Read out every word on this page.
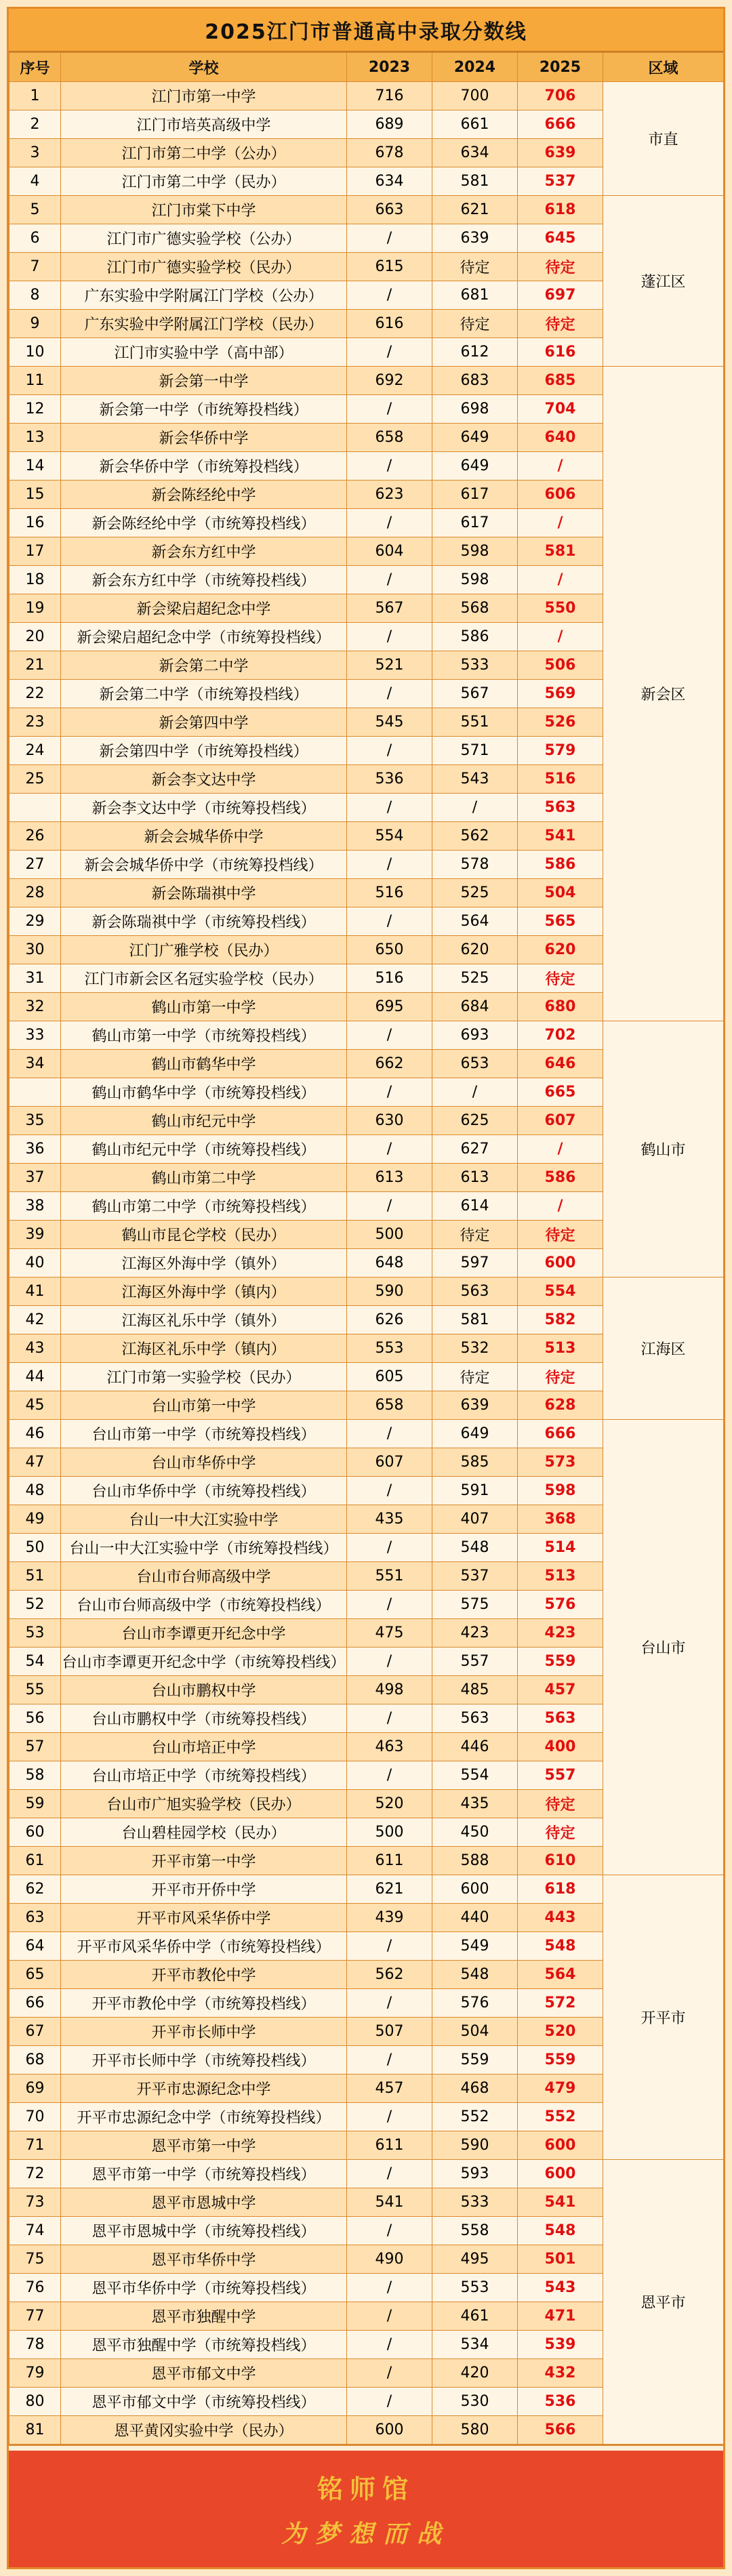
2025江门市普通高中录取分数线
序号	学校	2023	2024	2025	区域
1	江门市第一中学	716	700	706	市直
2	江门市培英高级中学	689	661	666	
3	江门市第二中学（公办）	678	634	639	
4	江门市第二中学（民办）	634	581	537	
5	江门市棠下中学	663	621	618	蓬江区
6	江门市广德实验学校（公办）	/	639	645	
7	江门市广德实验学校（民办）	615	待定	待定	
8	广东实验中学附属江门学校（公办）	/	681	697	
9	广东实验中学附属江门学校（民办）	616	待定	待定	
10	江门市实验中学（高中部）	/	612	616	
11	新会第一中学	692	683	685	新会区
12	新会第一中学（市统筹投档线）	/	698	704	
13	新会华侨中学	658	649	640	
14	新会华侨中学（市统筹投档线）	/	649	/	
15	新会陈经纶中学	623	617	606	
16	新会陈经纶中学（市统筹投档线）	/	617	/	
17	新会东方红中学	604	598	581	
18	新会东方红中学（市统筹投档线）	/	598	/	
19	新会梁启超纪念中学	567	568	550	
20	新会梁启超纪念中学（市统筹投档线）	/	586	/	
21	新会第二中学	521	533	506	
22	新会第二中学（市统筹投档线）	/	567	569	
23	新会第四中学	545	551	526	
24	新会第四中学（市统筹投档线）	/	571	579	
25	新会李文达中学	536	543	516	
	新会李文达中学（市统筹投档线）	/	/	563	
26	新会会城华侨中学	554	562	541	
27	新会会城华侨中学（市统筹投档线）	/	578	586	
28	新会陈瑞祺中学	516	525	504	
29	新会陈瑞祺中学（市统筹投档线）	/	564	565	
30	江门广雅学校（民办）	650	620	620	
31	江门市新会区名冠实验学校（民办）	516	525	待定	
32	鹤山市第一中学	695	684	680	
33	鹤山市第一中学（市统筹投档线）	/	693	702	鹤山市
34	鹤山市鹤华中学	662	653	646	
	鹤山市鹤华中学（市统筹投档线）	/	/	665	
35	鹤山市纪元中学	630	625	607	
36	鹤山市纪元中学（市统筹投档线）	/	627	/	
37	鹤山市第二中学	613	613	586	
38	鹤山市第二中学（市统筹投档线）	/	614	/	
39	鹤山市昆仑学校（民办）	500	待定	待定	
40	江海区外海中学（镇外）	648	597	600	
41	江海区外海中学（镇内）	590	563	554	江海区
42	江海区礼乐中学（镇外）	626	581	582	
43	江海区礼乐中学（镇内）	553	532	513	
44	江门市第一实验学校（民办）	605	待定	待定	
45	台山市第一中学	658	639	628	
46	台山市第一中学（市统筹投档线）	/	649	666	台山市
47	台山市华侨中学	607	585	573	
48	台山市华侨中学（市统筹投档线）	/	591	598	
49	台山一中大江实验中学	435	407	368	
50	台山一中大江实验中学（市统筹投档线）	/	548	514	
51	台山市台师高级中学	551	537	513	
52	台山市台师高级中学（市统筹投档线）	/	575	576	
53	台山市李谭更开纪念中学	475	423	423	
54	台山市李谭更开纪念中学（市统筹投档线）	/	557	559	
55	台山市鹏权中学	498	485	457	
56	台山市鹏权中学（市统筹投档线）	/	563	563	
57	台山市培正中学	463	446	400	
58	台山市培正中学（市统筹投档线）	/	554	557	
59	台山市广旭实验学校（民办）	520	435	待定	
60	台山碧桂园学校（民办）	500	450	待定	
61	开平市第一中学	611	588	610	
62	开平市开侨中学	621	600	618	开平市
63	开平市风采华侨中学	439	440	443	
64	开平市风采华侨中学（市统筹投档线）	/	549	548	
65	开平市教伦中学	562	548	564	
66	开平市教伦中学（市统筹投档线）	/	576	572	
67	开平市长师中学	507	504	520	
68	开平市长师中学（市统筹投档线）	/	559	559	
69	开平市忠源纪念中学	457	468	479	
70	开平市忠源纪念中学（市统筹投档线）	/	552	552	
71	恩平市第一中学	611	590	600	
72	恩平市第一中学（市统筹投档线）	/	593	600	恩平市
73	恩平市恩城中学	541	533	541	
74	恩平市恩城中学（市统筹投档线）	/	558	548	
75	恩平市华侨中学	490	495	501	
76	恩平市华侨中学（市统筹投档线）	/	553	543	
77	恩平市独醒中学	/	461	471	
78	恩平市独醒中学（市统筹投档线）	/	534	539	
79	恩平市郁文中学	/	420	432	
80	恩平市郁文中学（市统筹投档线）	/	530	536	
81	恩平黄冈实验中学（民办）	600	580	566	

铭师馆
为梦想而战
